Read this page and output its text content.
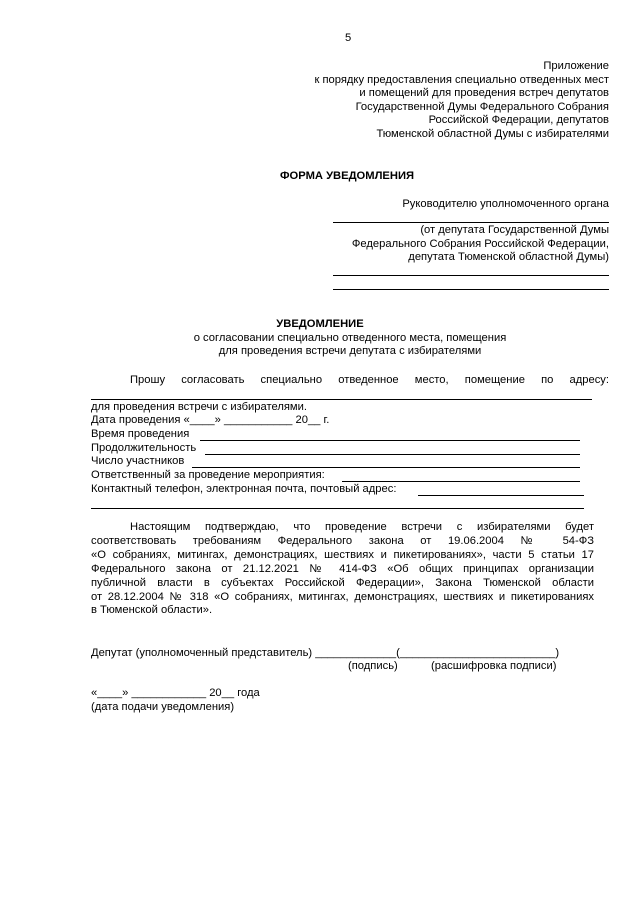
5
Приложение
к порядку предоставления специально отведенных мест
и помещений для проведения встреч депутатов
Государственной Думы Федерального Собрания
Российской Федерации, депутатов
Тюменской областной Думы с избирателями
ФОРМА УВЕДОМЛЕНИЯ
Руководителю уполномоченного органа
(от депутата Государственной Думы
Федерального Собрания Российской Федерации,
депутата Тюменской областной Думы)
УВЕДОМЛЕНИЕ
о согласовании специально отведенного места, помещения
для проведения встречи депутата с избирателями
Прошу согласовать специально отведенное место, помещение по адресу:
для проведения встречи с избирателями.
Дата проведения «____» ___________ 20__ г.
Время проведения
Продолжительность
Число участников
Ответственный за проведение мероприятия:
Контактный телефон, электронная почта, почтовый адрес:
Настоящим подтверждаю, что проведение встречи с избирателями будет
соответствовать требованиям Федерального закона от 19.06.2004 № 54-ФЗ
«О собраниях, митингах, демонстрациях, шествиях и пикетированиях», части 5 статьи 17
Федерального закона от 21.12.2021 № 414-ФЗ «Об общих принципах организации
публичной власти в субъектах Российской Федерации», Закона Тюменской области
от 28.12.2004 № 318 «О собраниях, митингах, демонстрациях, шествиях и пикетированиях
в Тюменской области».
Депутат (уполномоченный представитель) _____________(_________________________)
(подпись)	(расшифровка подписи)
«____» ____________ 20__ года
(дата подачи уведомления)
